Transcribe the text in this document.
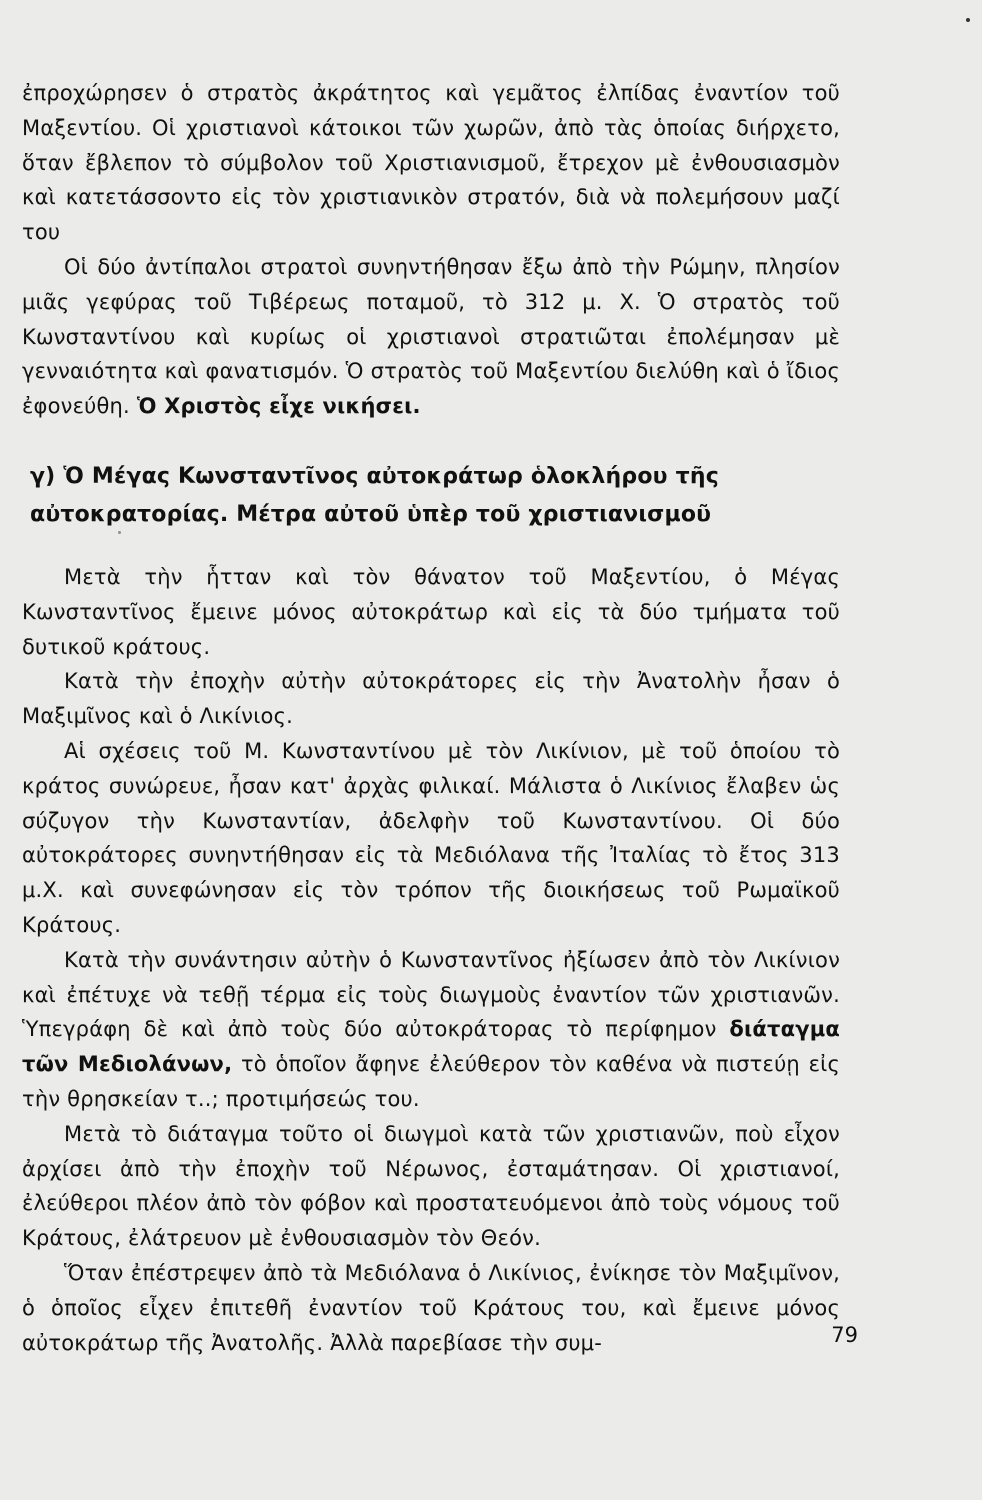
ἐπροχώρησεν ὁ στρατὸς ἀκράτητος καὶ γεμᾶτος ἐλπίδας ἐναντίον τοῦ Μαξεντίου. Οἱ χριστιανοὶ κάτοικοι τῶν χωρῶν, ἀπὸ τὰς ὁποίας διήρχετο, ὅταν ἔβλεπον τὸ σύμβολον τοῦ Χριστιανισμοῦ, ἔτρεχον μὲ ἐνθουσιασμὸν καὶ κατετάσσοντο εἰς τὸν χριστιανικὸν στρατόν, διὰ νὰ πολεμήσουν μαζί του

Οἱ δύο ἀντίπαλοι στρατοὶ συνηντήθησαν ἔξω ἀπὸ τὴν Ρώμην, πλησίον μιᾶς γεφύρας τοῦ Τιβέρεως ποταμοῦ, τὸ 312 μ. Χ. Ὁ στρατὸς τοῦ Κωνσταντίνου καὶ κυρίως οἱ χριστιανοὶ στρατιῶται ἐπολέμησαν μὲ γενναιότητα καὶ φανατισμόν. Ὁ στρατὸς τοῦ Μαξεντίου διελύθη καὶ ὁ ἴδιος ἐφονεύθη. Ὁ Χριστὸς εἶχε νικήσει.

γ) Ὁ Μέγας Κωνσταντῖνος αὐτοκράτωρ ὁλοκλήρου τῆς
αὐτοκρατορίας. Μέτρα αὐτοῦ ὑπὲρ τοῦ χριστιανισμοῦ

Μετὰ τὴν ἧτταν καὶ τὸν θάνατον τοῦ Μαξεντίου, ὁ Μέγας Κωνσταντῖνος ἔμεινε μόνος αὐτοκράτωρ καὶ εἰς τὰ δύο τμήματα τοῦ δυτικοῦ κράτους.

Κατὰ τὴν ἐποχὴν αὐτὴν αὐτοκράτορες εἰς τὴν Ἀνατολὴν ἦσαν ὁ Μαξιμῖνος καὶ ὁ Λικίνιος.

Αἱ σχέσεις τοῦ Μ. Κωνσταντίνου μὲ τὸν Λικίνιον, μὲ τοῦ ὁποίου τὸ κράτος συνώρευε, ἦσαν κατ' ἀρχὰς φιλικαί. Μάλιστα ὁ Λικίνιος ἔλαβεν ὡς σύζυγον τὴν Κωνσταντίαν, ἀδελφὴν τοῦ Κωνσταντίνου. Οἱ δύο αὐτοκράτορες συνηντήθησαν εἰς τὰ Μεδιόλανα τῆς Ἰταλίας τὸ ἔτος 313 μ.Χ. καὶ συνεφώνησαν εἰς τὸν τρόπον τῆς διοικήσεως τοῦ Ρωμαϊκοῦ Κράτους.

Κατὰ τὴν συνάντησιν αὐτὴν ὁ Κωνσταντῖνος ἠξίωσεν ἀπὸ τὸν Λικίνιον καὶ ἐπέτυχε νὰ τεθῇ τέρμα εἰς τοὺς διωγμοὺς ἐναντίον τῶν χριστιανῶν. Ὑπεγράφη δὲ καὶ ἀπὸ τοὺς δύο αὐτοκράτορας τὸ περίφημον διάταγμα τῶν Μεδιολάνων, τὸ ὁποῖον ἄφηνε ἐλεύθερον τὸν καθένα νὰ πιστεύῃ εἰς τὴν θρησκείαν τ..; προτιμήσεώς του.

Μετὰ τὸ διάταγμα τοῦτο οἱ διωγμοὶ κατὰ τῶν χριστιανῶν, ποὺ εἶχον ἀρχίσει ἀπὸ τὴν ἐποχὴν τοῦ Νέρωνος, ἐσταμάτησαν. Οἱ χριστιανοί, ἐλεύθεροι πλέον ἀπὸ τὸν φόβον καὶ προστατευόμενοι ἀπὸ τοὺς νόμους τοῦ Κράτους, ἐλάτρευον μὲ ἐνθουσιασμὸν τὸν Θεόν.

Ὅταν ἐπέστρεψεν ἀπὸ τὰ Μεδιόλανα ὁ Λικίνιος, ἐνίκησε τὸν Μαξιμῖνον, ὁ ὁποῖος εἶχεν ἐπιτεθῆ ἐναντίον τοῦ Κράτους του, καὶ ἔμεινε μόνος αὐτοκράτωρ τῆς Ἀνατολῆς. Ἀλλὰ παρεβίασε τὴν συμ-	79
